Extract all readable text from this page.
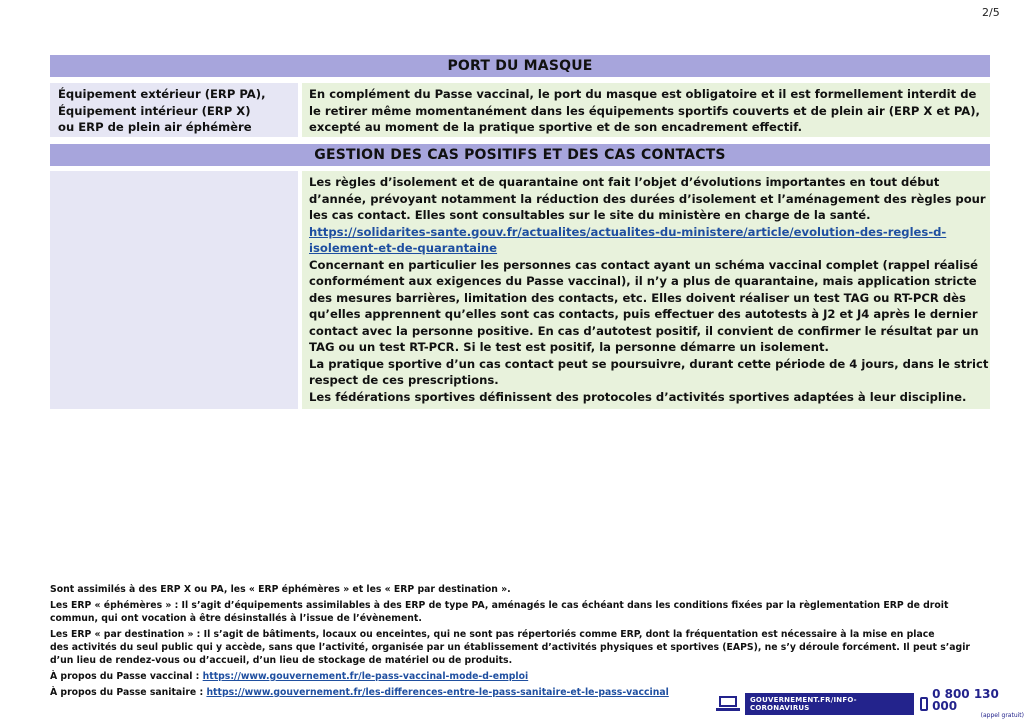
2/5
PORT DU MASQUE
Équipement extérieur (ERP PA),
Équipement intérieur (ERP X)
ou ERP de plein air éphémère

En complément du Passe vaccinal, le port du masque est obligatoire et il est formellement interdit de le retirer même momentanément dans les équipements sportifs couverts et de plein air (ERP X et PA), excepté au moment de la pratique sportive et de son encadrement effectif.

GESTION DES CAS POSITIFS ET DES CAS CONTACTS

Les règles d’isolement et de quarantaine ont fait l’objet d’évolutions importantes en tout début d’année, prévoyant notamment la réduction des durées d’isolement et l’aménagement des règles pour les cas contact. Elles sont consultables sur le site du ministère en charge de la santé.

https://solidarites-sante.gouv.fr/actualites/actualites-du-ministere/article/evolution-des-regles-d-isolement-et-de-quarantaine

Concernant en particulier les personnes cas contact ayant un schéma vaccinal complet (rappel réalisé conformément aux exigences du Passe vaccinal), il n’y a plus de quarantaine, mais application stricte des mesures barrières, limitation des contacts, etc. Elles doivent réaliser un test TAG ou RT-PCR dès qu’elles apprennent qu’elles sont cas contacts, puis effectuer des autotests à J2 et J4 après le dernier contact avec la personne positive. En cas d’autotest positif, il convient de confirmer le résultat par un TAG ou un test RT-PCR. Si le test est positif, la personne démarre un isolement.

La pratique sportive d’un cas contact peut se poursuivre, durant cette période de 4 jours, dans le strict respect de ces prescriptions.

Les fédérations sportives définissent des protocoles d’activités sportives adaptées à leur discipline.

Sont assimilés à des ERP X ou PA, les « ERP éphémères » et les « ERP par destination ».

Les ERP « éphémères » : Il s’agit d’équipements assimilables à des ERP de type PA, aménagés le cas échéant dans les conditions fixées par la règlementation ERP de droit

commun, qui ont vocation à être désinstallés à l’issue de l’évènement.

Les ERP « par destination » : Il s’agit de bâtiments, locaux ou enceintes, qui ne sont pas répertoriés comme ERP, dont la fréquentation est nécessaire à la mise en place

des activités du seul public qui y accède, sans que l’activité, organisée par un établissement d’activités physiques et sportives (EAPS), ne s’y déroule forcément. Il peut s’agir

d’un lieu de rendez-vous ou d’accueil, d’un lieu de stockage de matériel ou de produits.

À propos du Passe vaccinal : https://www.gouvernement.fr/le-pass-vaccinal-mode-d-emploi

À propos du Passe sanitaire : https://www.gouvernement.fr/les-differences-entre-le-pass-sanitaire-et-le-pass-vaccinal

GOUVERNEMENT.FR/INFO-CORONAVIRUS
0 800 130 000
(appel gratuit)
